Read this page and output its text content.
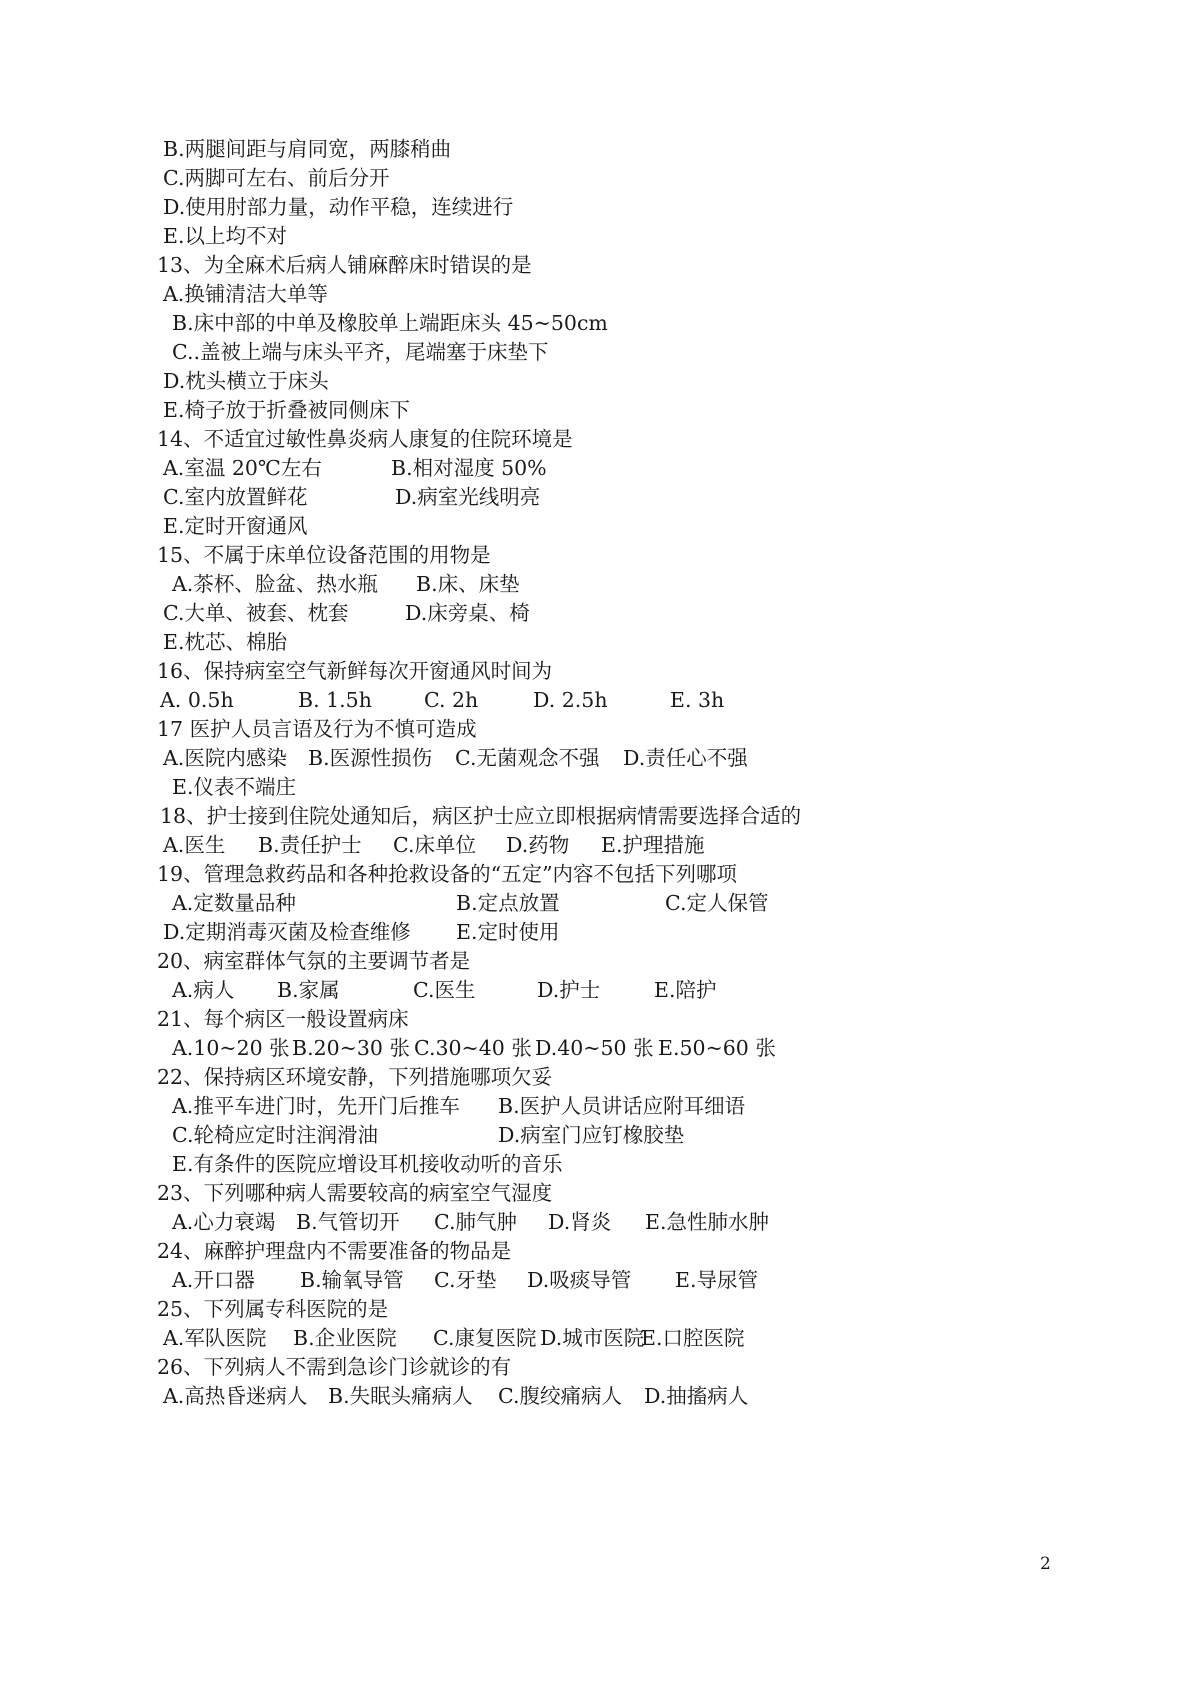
B.两腿间距与肩同宽，两膝稍曲
C.两脚可左右、前后分开
D.使用肘部力量，动作平稳，连续进行
E.以上均不对
13、为全麻术后病人铺麻醉床时错误的是
A.换铺清洁大单等
B.床中部的中单及橡胶单上端距床头 45~50cm
C..盖被上端与床头平齐，尾端塞于床垫下
D.枕头横立于床头
E.椅子放于折叠被同侧床下
14、不适宜过敏性鼻炎病人康复的住院环境是
A.室温 20℃左右	B.相对湿度 50%
C.室内放置鲜花	D.病室光线明亮
E.定时开窗通风
15、不属于床单位设备范围的用物是
A.茶杯、脸盆、热水瓶 B.床、床垫
C.大单、被套、枕套	D.床旁桌、椅
E.枕芯、棉胎
16、保持病室空气新鲜每次开窗通风时间为
A. 0.5h	B. 1.5h	C. 2h	D. 2.5h	E. 3h
17 医护人员言语及行为不慎可造成
A.医院内感染 B.医源性损伤 C.无菌观念不强 D.责任心不强
E.仪表不端庄
18、护士接到住院处通知后，病区护士应立即根据病情需要选择合适的
A.医生 B.责任护士 C.床单位 D.药物 E.护理措施
19、管理急救药品和各种抢救设备的“五定”内容不包括下列哪项
A.定数量品种	B.定点放置	C.定人保管
D.定期消毒灭菌及检查维修 E.定时使用
20、病室群体气氛的主要调节者是
A.病人 B.家属	C.医生	D.护士	E.陪护
21、每个病区一般设置病床
A.10~20 张 B.20~30 张 C.30~40 张 D.40~50 张 E.50~60 张
22、保持病区环境安静，下列措施哪项欠妥
A.推平车进门时，先开门后推车 B.医护人员讲话应附耳细语
C.轮椅应定时注润滑油	D.病室门应钉橡胶垫
E.有条件的医院应增设耳机接收动听的音乐
23、下列哪种病人需要较高的病室空气湿度
A.心力衰竭 B.气管切开 C.肺气肿 D.肾炎 E.急性肺水肿
24、麻醉护理盘内不需要准备的物品是
A.开口器 B.输氧导管 C.牙垫 D.吸痰导管 E.导尿管
25、下列属专科医院的是
A.军队医院 B.企业医院 C.康复医院 D.城市医院
E.口腔医院
26、下列病人不需到急诊门诊就诊的有
A.高热昏迷病人 B.失眠头痛病人 C.腹绞痛病人 D.抽搐病人
2
